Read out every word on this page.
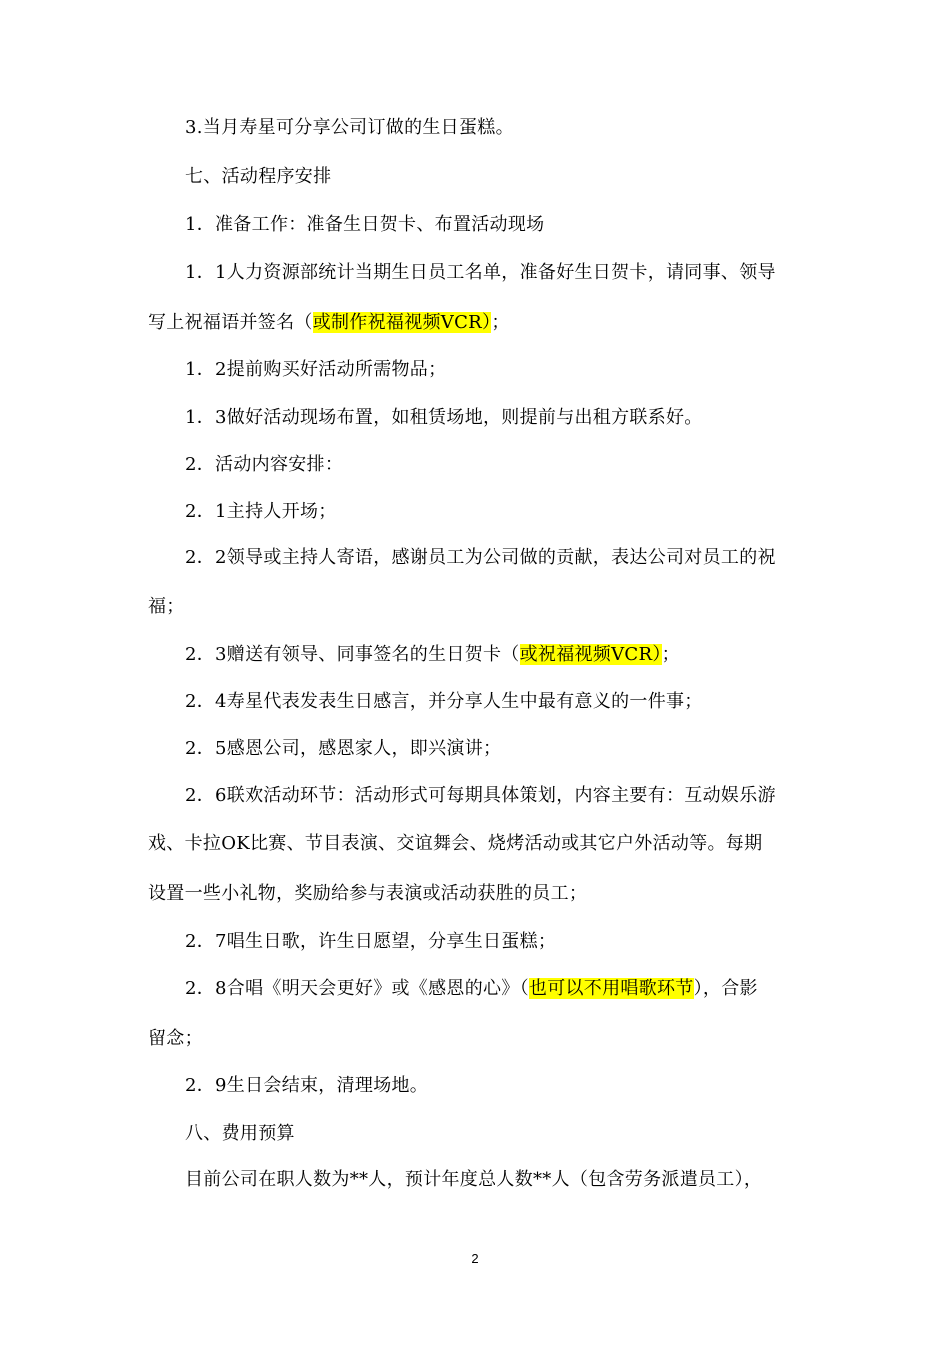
3.当月寿星可分享公司订做的生日蛋糕。
七、活动程序安排
1．准备工作：准备生日贺卡、布置活动现场
1．1人力资源部统计当期生日员工名单，准备好生日贺卡，请同事、领导
写上祝福语并签名（或制作祝福视频VCR）；
1．2提前购买好活动所需物品；
1．3做好活动现场布置，如租赁场地，则提前与出租方联系好。
2．活动内容安排：
2．1主持人开场；
2．2领导或主持人寄语，感谢员工为公司做的贡献，表达公司对员工的祝
福；
2．3赠送有领导、同事签名的生日贺卡（或祝福视频VCR）；
2．4寿星代表发表生日感言，并分享人生中最有意义的一件事；
2．5感恩公司，感恩家人，即兴演讲；
2．6联欢活动环节：活动形式可每期具体策划，内容主要有：互动娱乐游
戏、卡拉OK比赛、节目表演、交谊舞会、烧烤活动或其它户外活动等。每期
设置一些小礼物，奖励给参与表演或活动获胜的员工；
2．7唱生日歌，许生日愿望，分享生日蛋糕；
2．8合唱《明天会更好》或《感恩的心》（也可以不用唱歌环节），合影
留念；
2．9生日会结束，清理场地。
八、费用预算
目前公司在职人数为**人，预计年度总人数**人（包含劳务派遣员工），
2
